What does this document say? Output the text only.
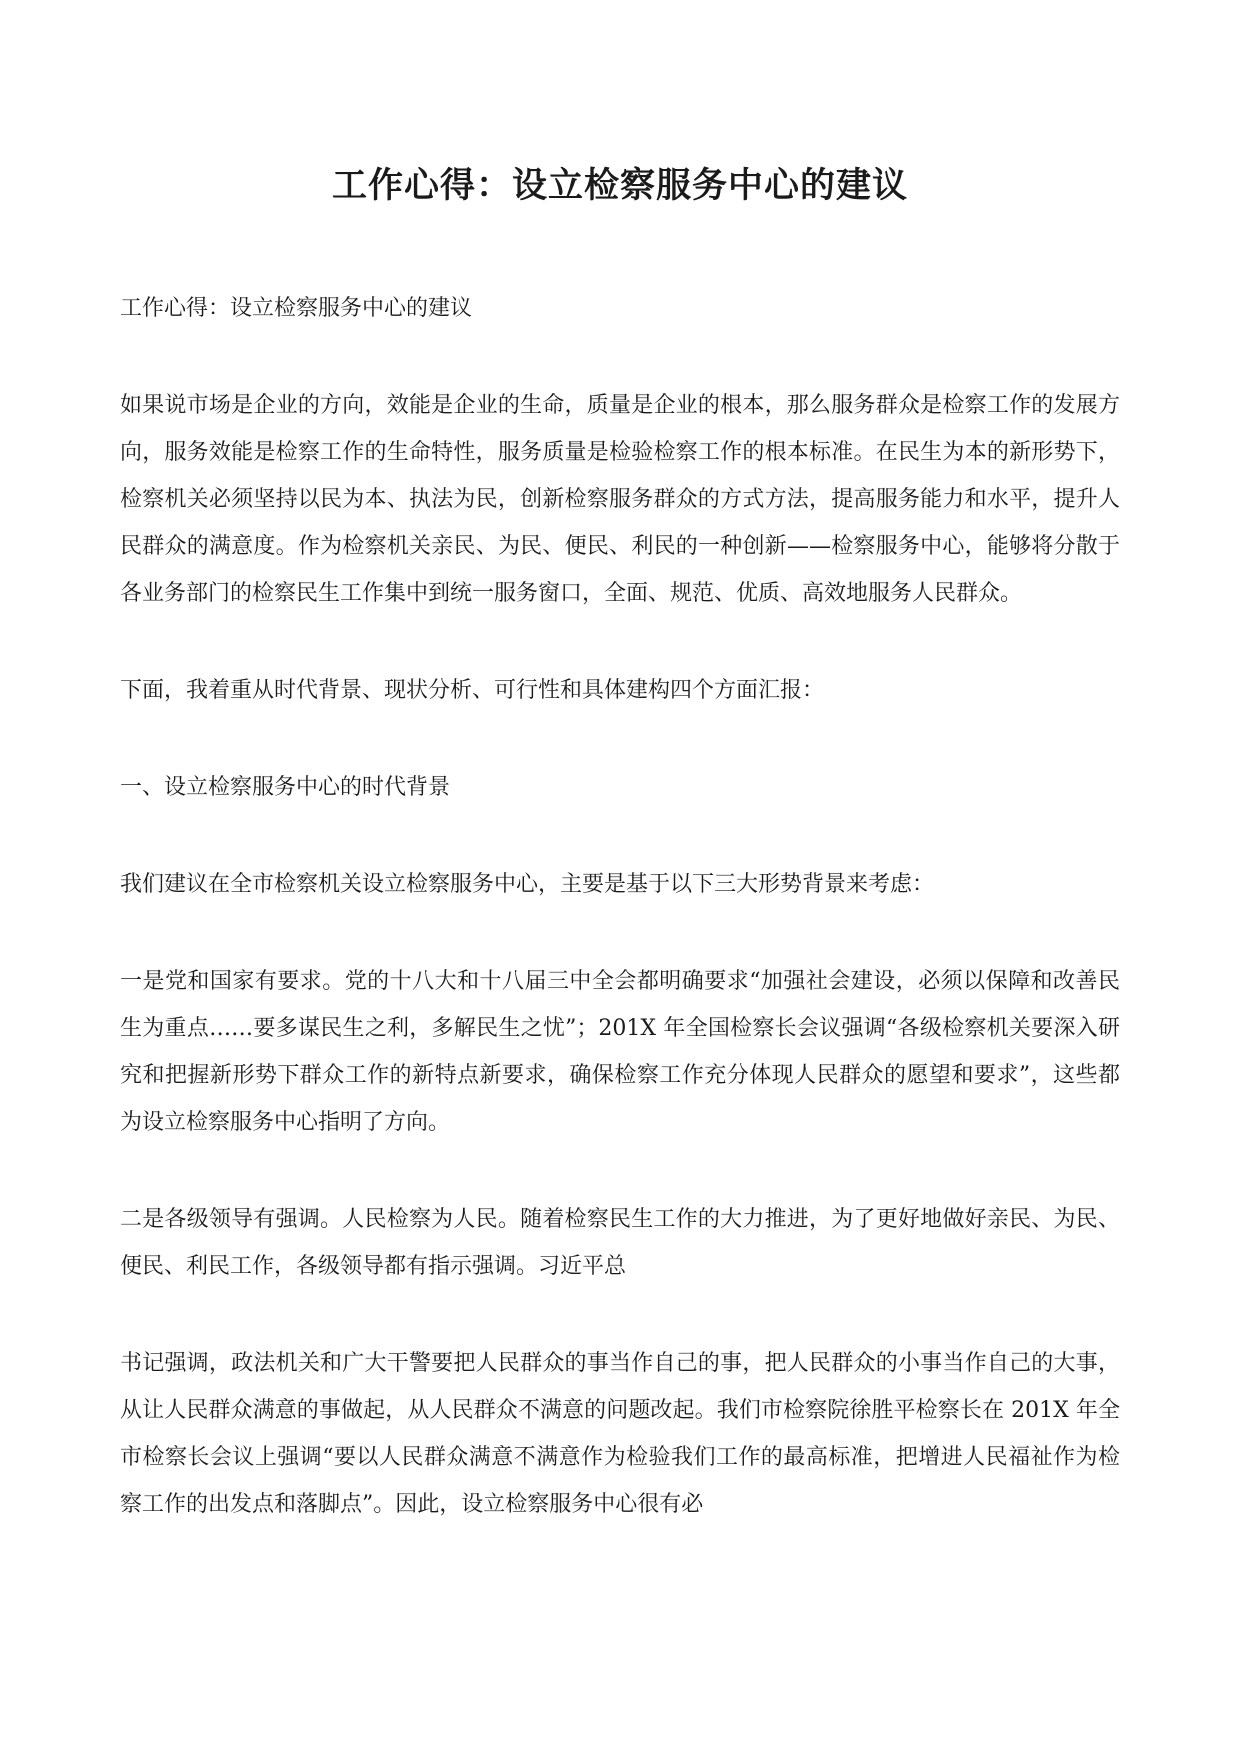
工作心得：设立检察服务中心的建议

工作心得：设立检察服务中心的建议

如果说市场是企业的方向，效能是企业的生命，质量是企业的根本，那么服务群众是检察工作的发展方向，服务效能是检察工作的生命特性，服务质量是检验检察工作的根本标准。在民生为本的新形势下，检察机关必须坚持以民为本、执法为民，创新检察服务群众的方式方法，提高服务能力和水平，提升人民群众的满意度。作为检察机关亲民、为民、便民、利民的一种创新——检察服务中心，能够将分散于各业务部门的检察民生工作集中到统一服务窗口，全面、规范、优质、高效地服务人民群众。

下面，我着重从时代背景、现状分析、可行性和具体建构四个方面汇报：

一、设立检察服务中心的时代背景

我们建议在全市检察机关设立检察服务中心，主要是基于以下三大形势背景来考虑：

一是党和国家有要求。党的十八大和十八届三中全会都明确要求“加强社会建设，必须以保障和改善民生为重点……要多谋民生之利，多解民生之忧”；201X 年全国检察长会议强调“各级检察机关要深入研究和把握新形势下群众工作的新特点新要求，确保检察工作充分体现人民群众的愿望和要求”，这些都为设立检察服务中心指明了方向。

二是各级领导有强调。人民检察为人民。随着检察民生工作的大力推进，为了更好地做好亲民、为民、便民、利民工作，各级领导都有指示强调。习近平总

书记强调，政法机关和广大干警要把人民群众的事当作自己的事，把人民群众的小事当作自己的大事，从让人民群众满意的事做起，从人民群众不满意的问题改起。我们市检察院徐胜平检察长在 201X 年全市检察长会议上强调“要以人民群众满意不满意作为检验我们工作的最高标准，把增进人民福祉作为检察工作的出发点和落脚点”。因此，设立检察服务中心很有必
